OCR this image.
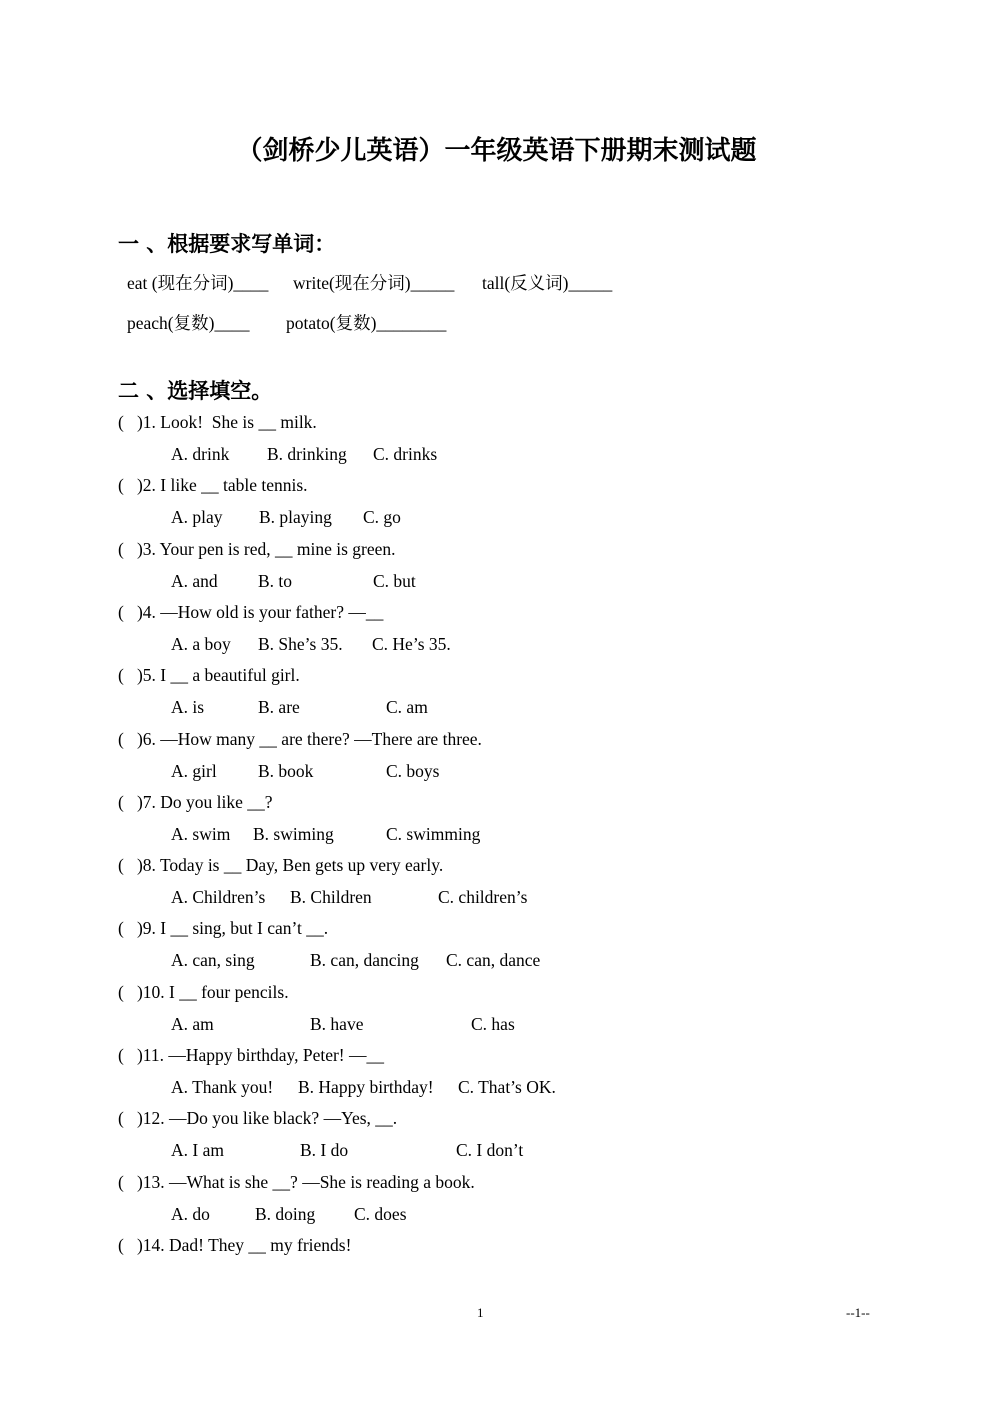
（剑桥少儿英语）一年级英语下册期末测试题
一 、根据要求写单词：
eat (现在分词)____ write(现在分词)_____ tall(反义词)_____
peach(复数)____ potato(复数)________
二 、选择填空。
(   )1. Look!  She is __ milk.
A. drink B. drinking C. drinks
(   )2. I like __ table tennis.
A. play B. playing C. go
(   )3. Your pen is red, __ mine is green.
A. and B. to	C. but
(   )4. —How old is your father? —__
A. a boy B. She’s 35. C. He’s 35.
(   )5. I __ a beautiful girl.
A. is	B. are	C. am
(   )6. —How many __ are there? —There are three.
A. girl B. book	C. boys
(   )7. Do you like __?
A. swim B. swiming	C. swimming
(   )8. Today is __ Day, Ben gets up very early.
A. Children’s B. Children	C. children’s
(   )9. I __ sing, but I can’t __.
A. can, sing	B. can, dancing C. can, dance
(   )10. I __ four pencils.
A. am	B. have	C. has
(   )11. —Happy birthday, Peter! —__
A. Thank you! B. Happy birthday! C. That’s OK.
(   )12. —Do you like black? —Yes, __.
A. I am	B. I do	C. I don’t
(   )13. —What is she __? —She is reading a book.
A. do	B. doing C. does
(   )14. Dad! They __ my friends!
1	--1--
